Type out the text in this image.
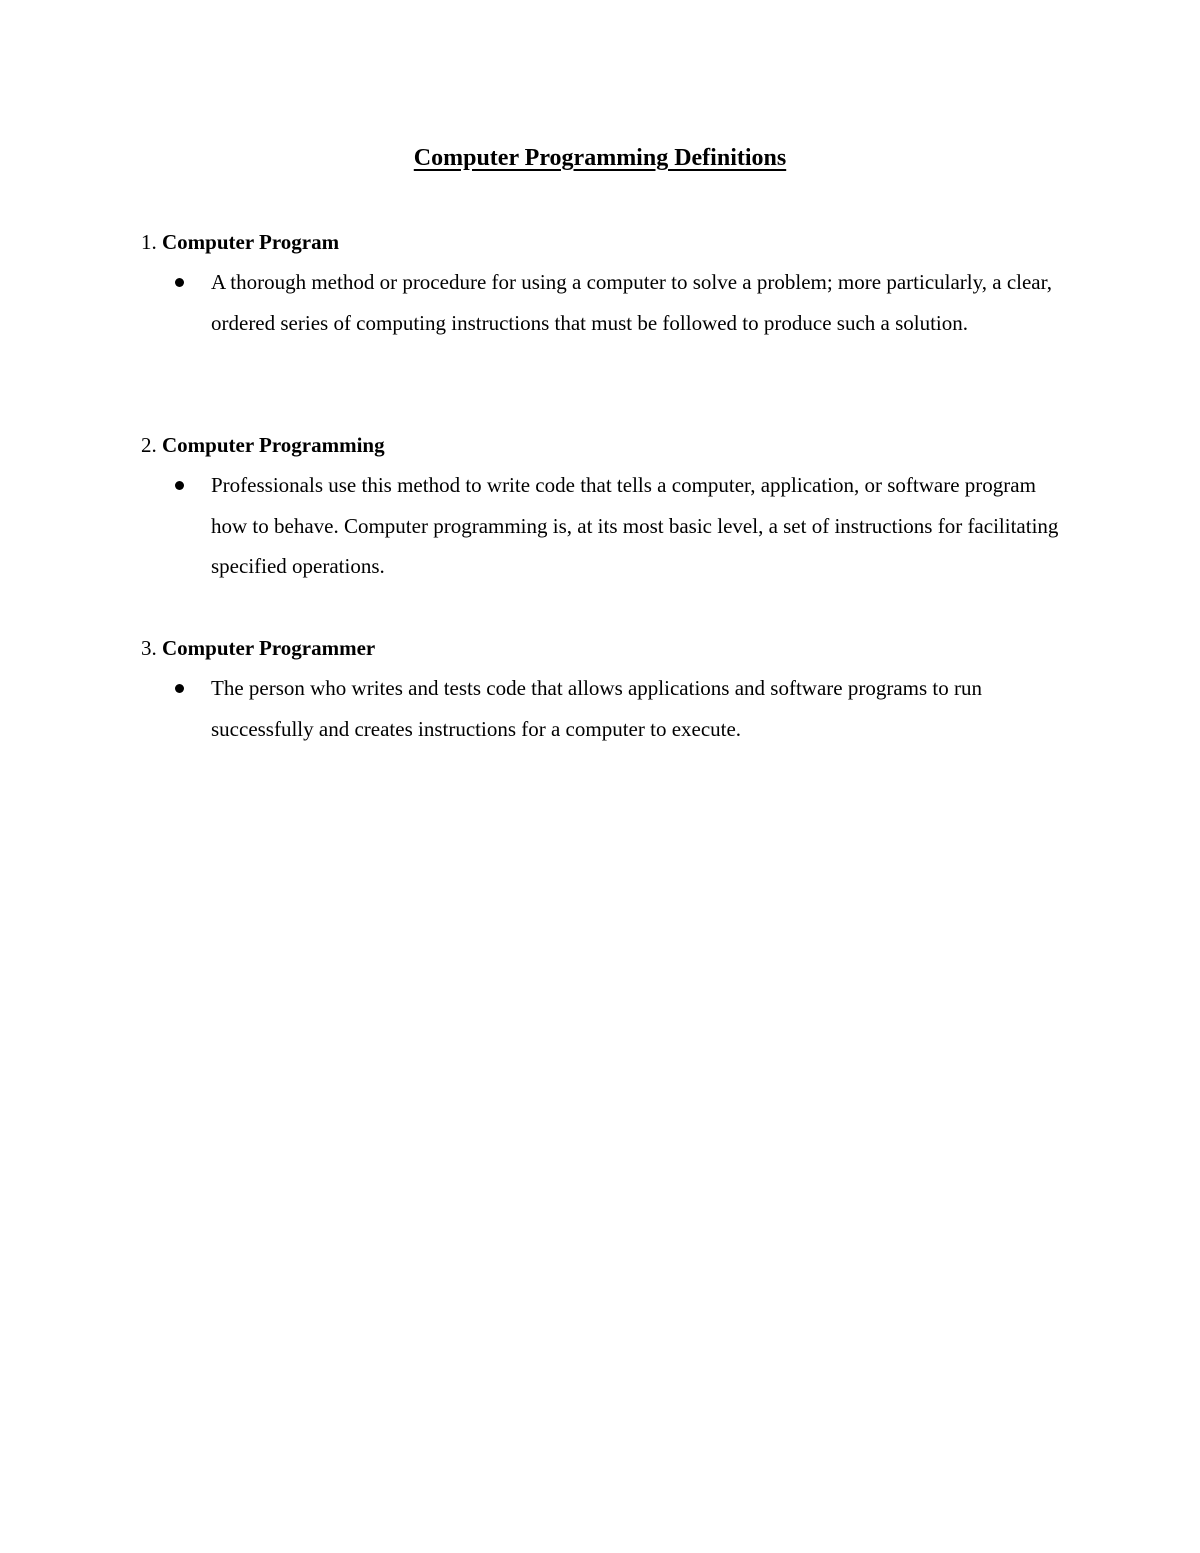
Computer Programming Definitions
1. Computer Program
A thorough method or procedure for using a computer to solve a problem; more particularly, a clear, ordered series of computing instructions that must be followed to produce such a solution.
2. Computer Programming
Professionals use this method to write code that tells a computer, application, or software program how to behave. Computer programming is, at its most basic level, a set of instructions for facilitating specified operations.
3. Computer Programmer
The person who writes and tests code that allows applications and software programs to run successfully and creates instructions for a computer to execute.
